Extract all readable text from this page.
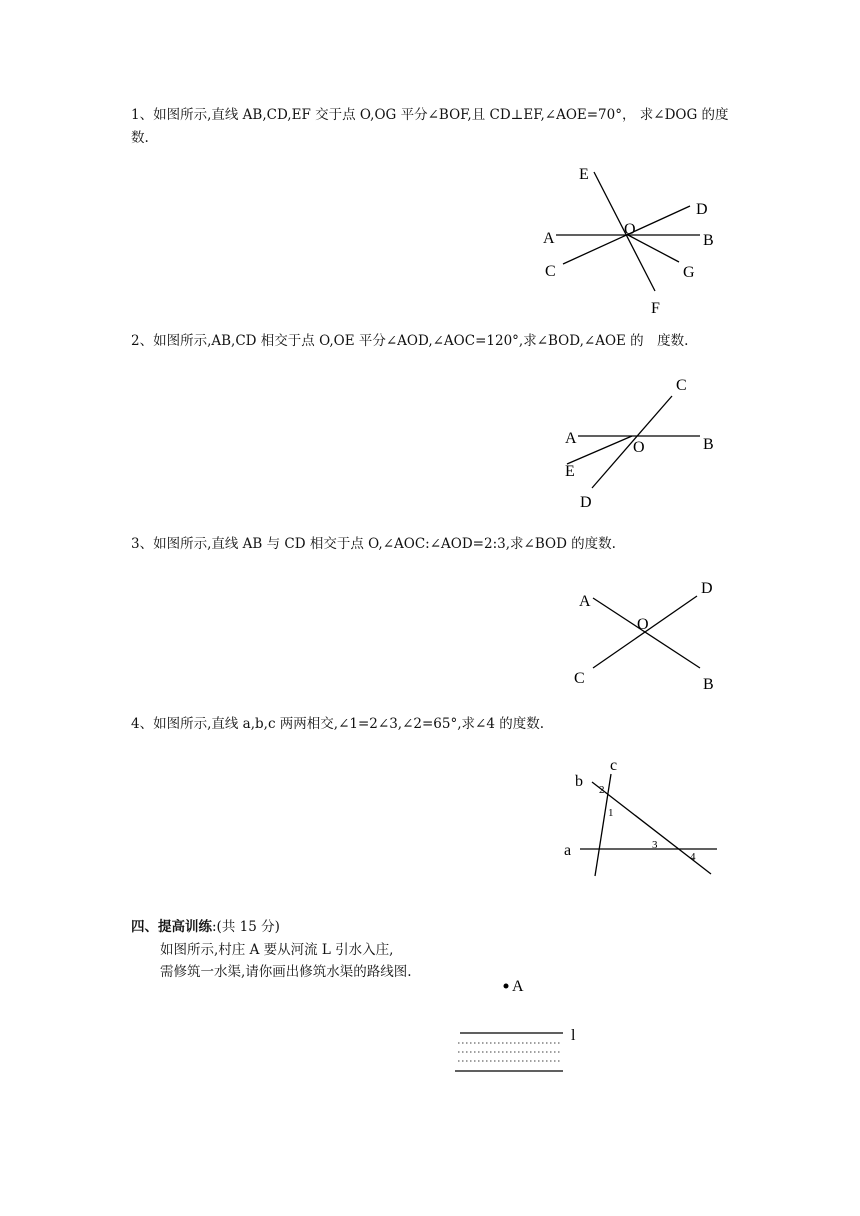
1、如图所示,直线 AB,CD,EF 交于点 O,OG 平分∠BOF,且 CD⊥EF,∠AOE=70°， 求∠DOG 的度
数.
E
D
A
O
B
C	G
F
2、如图所示,AB,CD 相交于点 O,OE 平分∠AOD,∠AOC=120°,求∠BOD,∠AOE 的　度数.
C
A
O	B
E
D
3、如图所示,直线 AB 与 CD 相交于点 O,∠AOC:∠AOD=2:3,求∠BOD 的度数.
A
D
O
C	B
4、如图所示,直线 a,b,c 两两相交,∠1=2∠3,∠2=65°,求∠4 的度数.
c
b
a
2
1
3
4
四、提高训练:(共 15 分)
如图所示,村庄 A 要从河流 L 引水入庄,
需修筑一水渠,请你画出修筑水渠的路线图.
A
l
